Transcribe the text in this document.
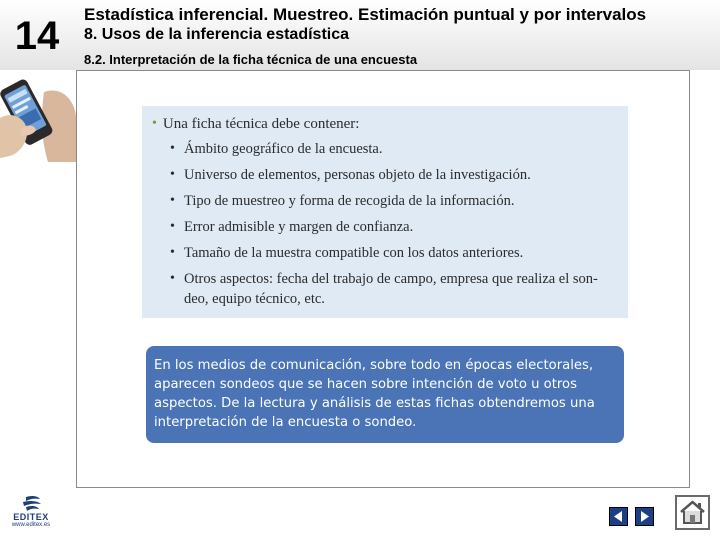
14	Estadística inferencial. Muestreo. Estimación puntual y por intervalos
8. Usos de la inferencia estadística
8.2. Interpretación de la ficha técnica de una encuesta
• Una ficha técnica debe contener:
• Ámbito geográfico de la encuesta.
• Universo de elementos, personas objeto de la investigación.
• Tipo de muestreo y forma de recogida de la información.
• Error admisible y margen de confianza.
• Tamaño de la muestra compatible con los datos anteriores.
• Otros aspectos: fecha del trabajo de campo, empresa que realiza el son-deo, equipo técnico, etc.
En los medios de comunicación, sobre todo en épocas electorales, aparecen sondeos que se hacen sobre intención de voto u otros aspectos. De la lectura y análisis de estas fichas obtendremos una interpretación de la encuesta o sondeo.
EDITEX
www.editex.es
